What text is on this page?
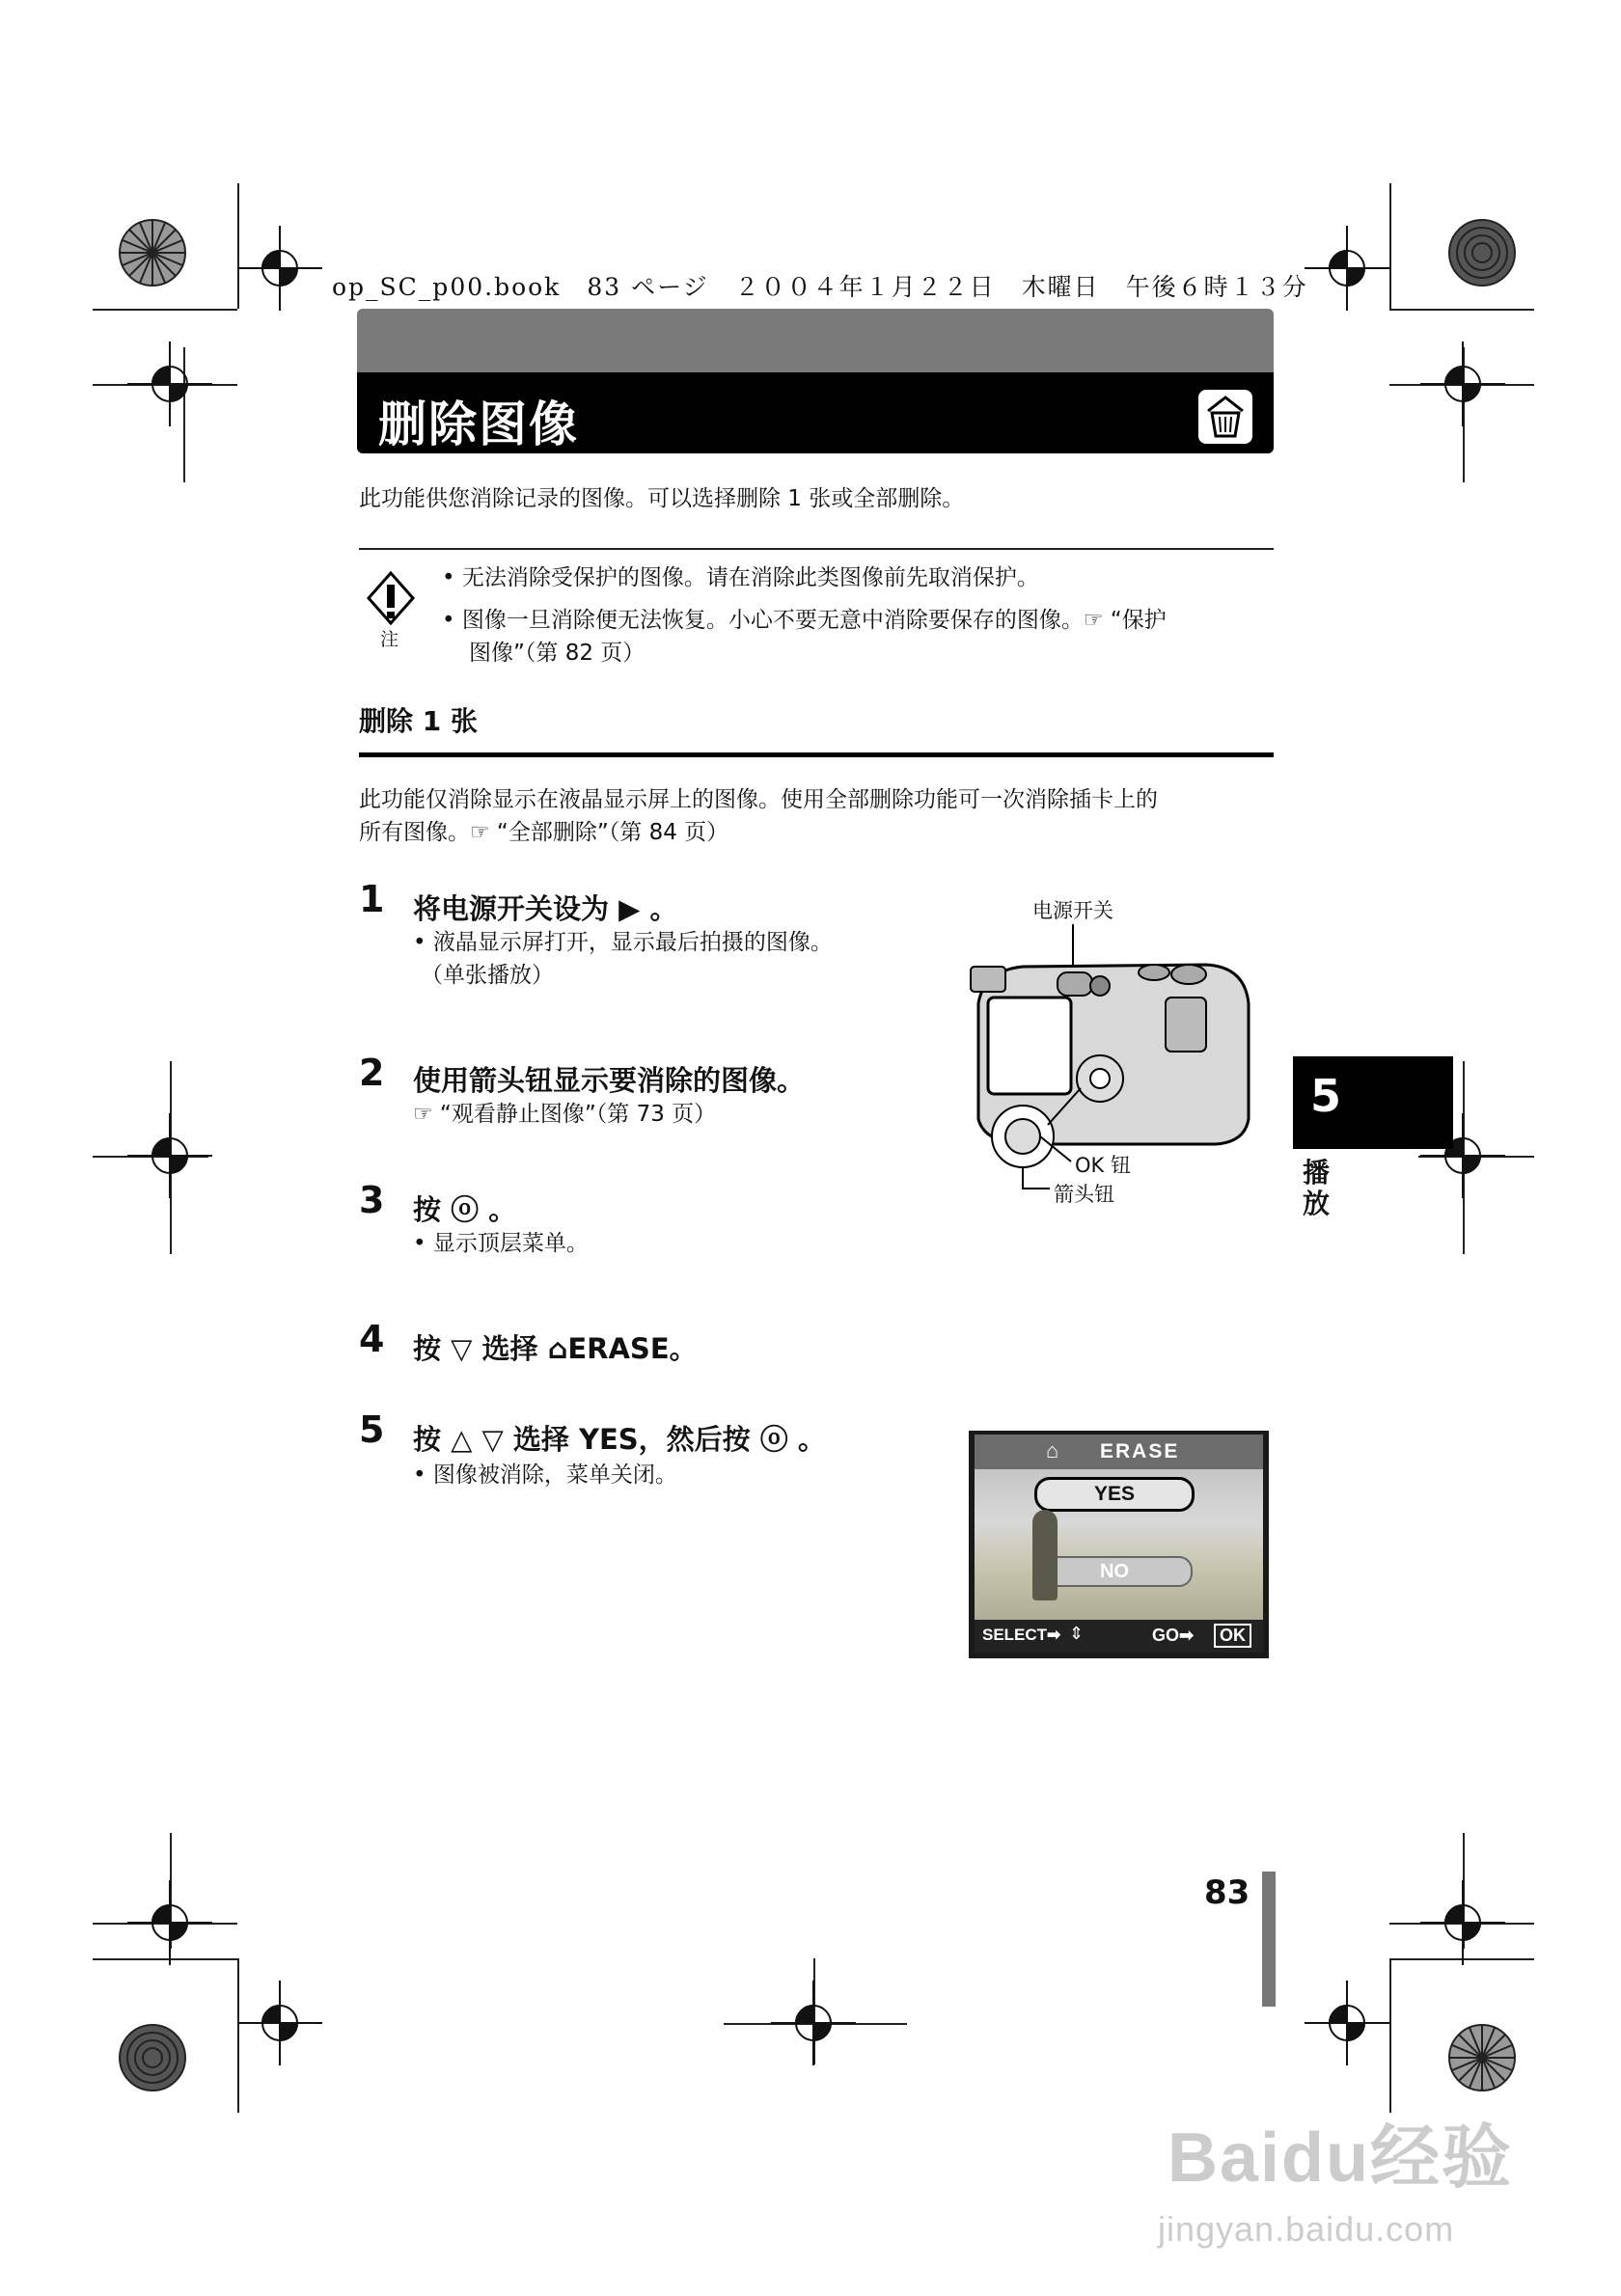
op_SC_p00.book　83 ページ　２００４年１月２２日　木曜日　午後６時１３分
删除图像
此功能供您消除记录的图像。可以选择删除 1 张或全部删除。
注
• 无法消除受保护的图像。请在消除此类图像前先取消保护。
• 图像一旦消除便无法恢复。小心不要无意中消除要保存的图像。☞ “保护
图像”（第 82 页）
删除 1 张
此功能仅消除显示在液晶显示屏上的图像。使用全部删除功能可一次消除插卡上的
所有图像。☞ “全部删除”（第 84 页）
1 将电源开关设为 ▶ 。
• 液晶显示屏打开，显示最后拍摄的图像。
（单张播放）
2 使用箭头钮显示要消除的图像。
☞ “观看静止图像”（第 73 页）
3 按 ⓞ 。
• 显示顶层菜单。
4 按 ▽ 选择 ⌂ERASE。
5 按 △ ▽ 选择 YES，然后按 ⓞ 。
• 图像被消除，菜单关闭。
电源开关
OK 钮
箭头钮
⌂ ERASE
YES
NO
SELECT➡ ⇕	GO➡	OK
5
播放
83
Baidu经验
jingyan.baidu.com
